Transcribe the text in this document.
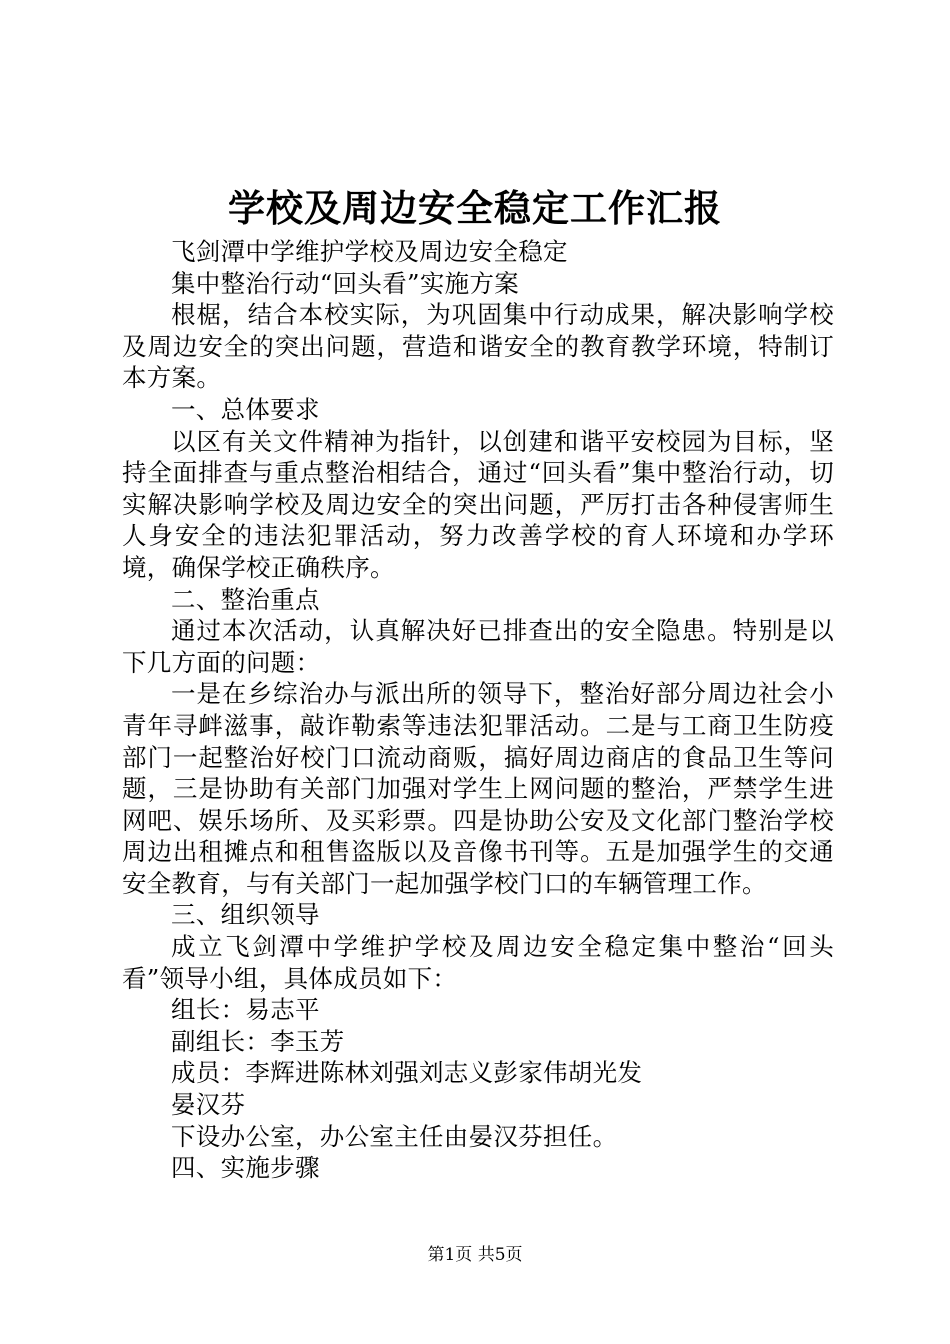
学校及周边安全稳定工作汇报

飞剑潭中学维护学校及周边安全稳定

集中整治行动“回头看”实施方案

根椐，结合本校实际，为巩固集中行动成果，解决影响学校及周边安全的突出问题，营造和谐安全的教育教学环境，特制订本方案。

一、总体要求

以区有关文件精神为指针，以创建和谐平安校园为目标，坚持全面排查与重点整治相结合，通过“回头看”集中整治行动，切实解决影响学校及周边安全的突出问题，严厉打击各种侵害师生人身安全的违法犯罪活动，努力改善学校的育人环境和办学环境，确保学校正确秩序。

二、整治重点

通过本次活动，认真解决好已排查出的安全隐患。特别是以下几方面的问题：

一是在乡综治办与派出所的领导下，整治好部分周边社会小青年寻衅滋事，敲诈勒索等违法犯罪活动。二是与工商卫生防疫部门一起整治好校门口流动商贩，搞好周边商店的食品卫生等问题，三是协助有关部门加强对学生上网问题的整治，严禁学生进网吧、娱乐场所、及买彩票。四是协助公安及文化部门整治学校周边出租摊点和租售盗版以及音像书刊等。五是加强学生的交通安全教育，与有关部门一起加强学校门口的车辆管理工作。

三、组织领导

成立飞剑潭中学维护学校及周边安全稳定集中整治“回头看”领导小组，具体成员如下：

组长：易志平

副组长：李玉芳

成员：李辉进陈林刘强刘志义彭家伟胡光发

晏汉芬

下设办公室，办公室主任由晏汉芬担任。

四、实施步骤

第1页 共5页
